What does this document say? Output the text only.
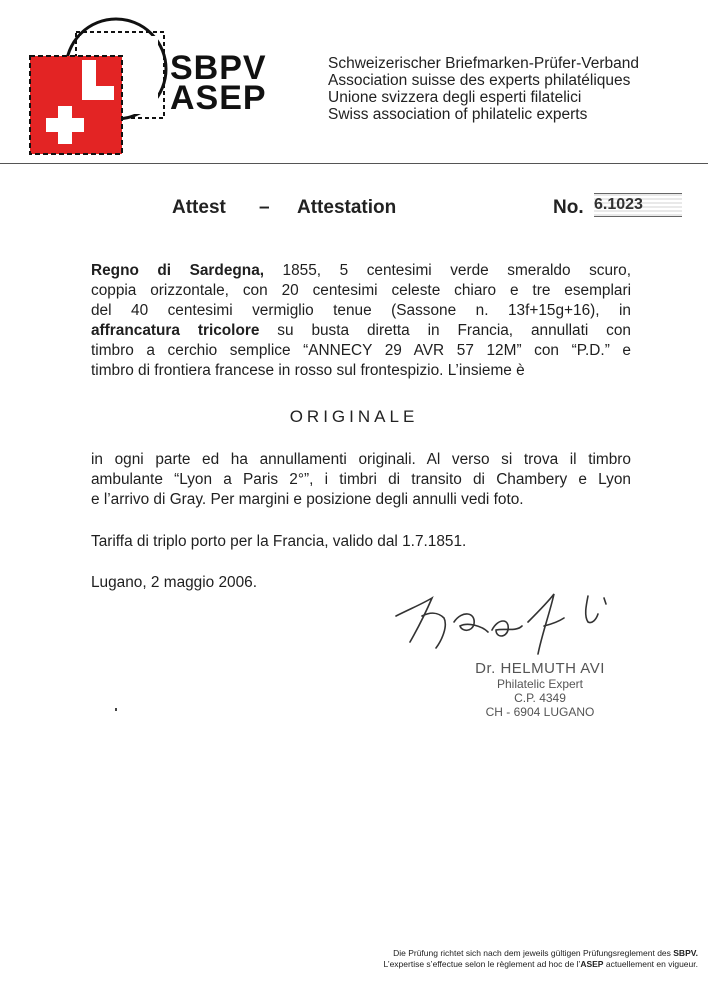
SBPV
ASEP
Schweizerischer Briefmarken-Prüfer-Verband
Association suisse des experts philatéliques
Unione svizzera degli esperti filatelici
Swiss association of philatelic experts
Attest – Attestation	No. 6.1023
Regno di Sardegna, 1855, 5 centesimi verde smeraldo scuro,
coppia orizzontale, con 20 centesimi celeste chiaro e tre esemplari
del 40 centesimi vermiglio tenue (Sassone n. 13f+15g+16), in
affrancatura tricolore su busta diretta in Francia, annullati con
timbro a cerchio semplice “ANNECY 29 AVR 57 12M” con “P.D.” e
timbro di frontiera francese in rosso sul frontespizio. L’insieme è
ORIGINALE
in ogni parte ed ha annullamenti originali. Al verso si trova il timbro
ambulante “Lyon a Paris 2°”, i timbri di transito di Chambery e Lyon
e l’arrivo di Gray. Per margini e posizione degli annulli vedi foto.
Tariffa di triplo porto per la Francia, valido dal 1.7.1851.
Lugano, 2 maggio 2006.
Dr. HELMUTH AVI
Philatelic Expert
C.P. 4349
CH - 6904 LUGANO
Die Prüfung richtet sich nach dem jeweils gültigen Prüfungsreglement des SBPV.
L’expertise s’effectue selon le règlement ad hoc de l’ASEP actuellement en vigueur.
